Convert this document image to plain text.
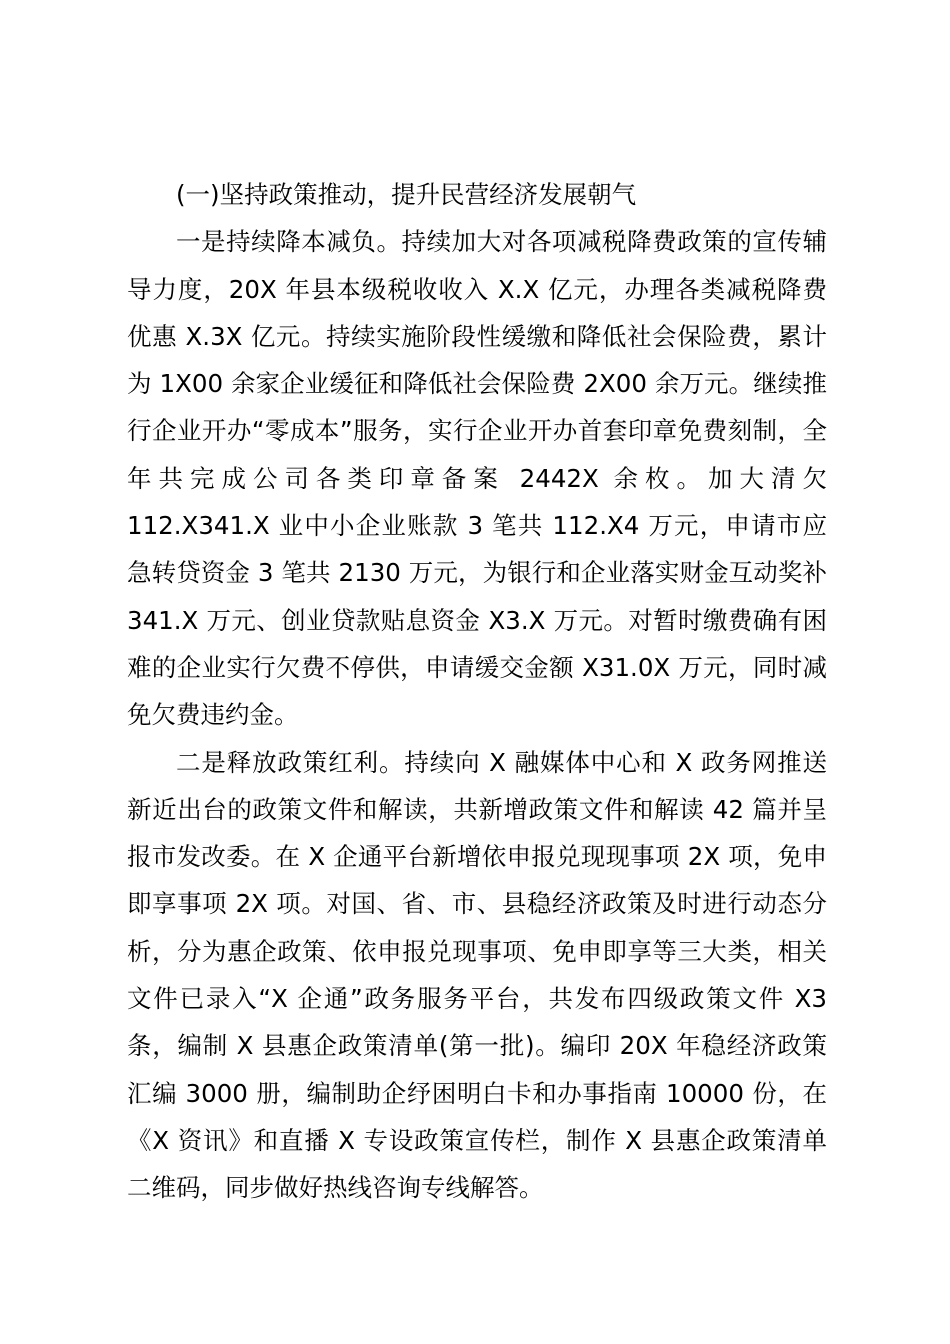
(一)坚持政策推动，提升民营经济发展朝气

一是持续降本减负。持续加大对各项减税降费政策的宣传辅导力度，20X 年县本级税收收入 X.X 亿元，办理各类减税降费优惠 X.3X 亿元。持续实施阶段性缓缴和降低社会保险费，累计为 1X00 余家企业缓征和降低社会保险费 2X00 余万元。继续推行企业开办“零成本”服务，实行企业开办首套印章免费刻制，全年共完成公司各类印章备案 2442X 余枚。加大清欠 112.X341.X 业中小企业账款 3 笔共 112.X4 万元，申请市应急转贷资金 3 笔共 2130 万元，为银行和企业落实财金互动奖补 341.X 万元、创业贷款贴息资金 X3.X 万元。对暂时缴费确有困难的企业实行欠费不停供，申请缓交金额 X31.0X 万元，同时减免欠费违约金。

二是释放政策红利。持续向 X 融媒体中心和 X 政务网推送新近出台的政策文件和解读，共新增政策文件和解读 42 篇并呈报市发改委。在 X 企通平台新增依申报兑现现事项 2X 项，免申即享事项 2X 项。对国、省、市、县稳经济政策及时进行动态分析，分为惠企政策、依申报兑现事项、免申即享等三大类，相关文件已录入“X 企通”政务服务平台，共发布四级政策文件 X3 条，编制 X 县惠企政策清单(第一批)。编印 20X 年稳经济政策汇编 3000 册，编制助企纾困明白卡和办事指南 10000 份，在《X 资讯》和直播 X 专设政策宣传栏，制作 X 县惠企政策清单二维码，同步做好热线咨询专线解答。
